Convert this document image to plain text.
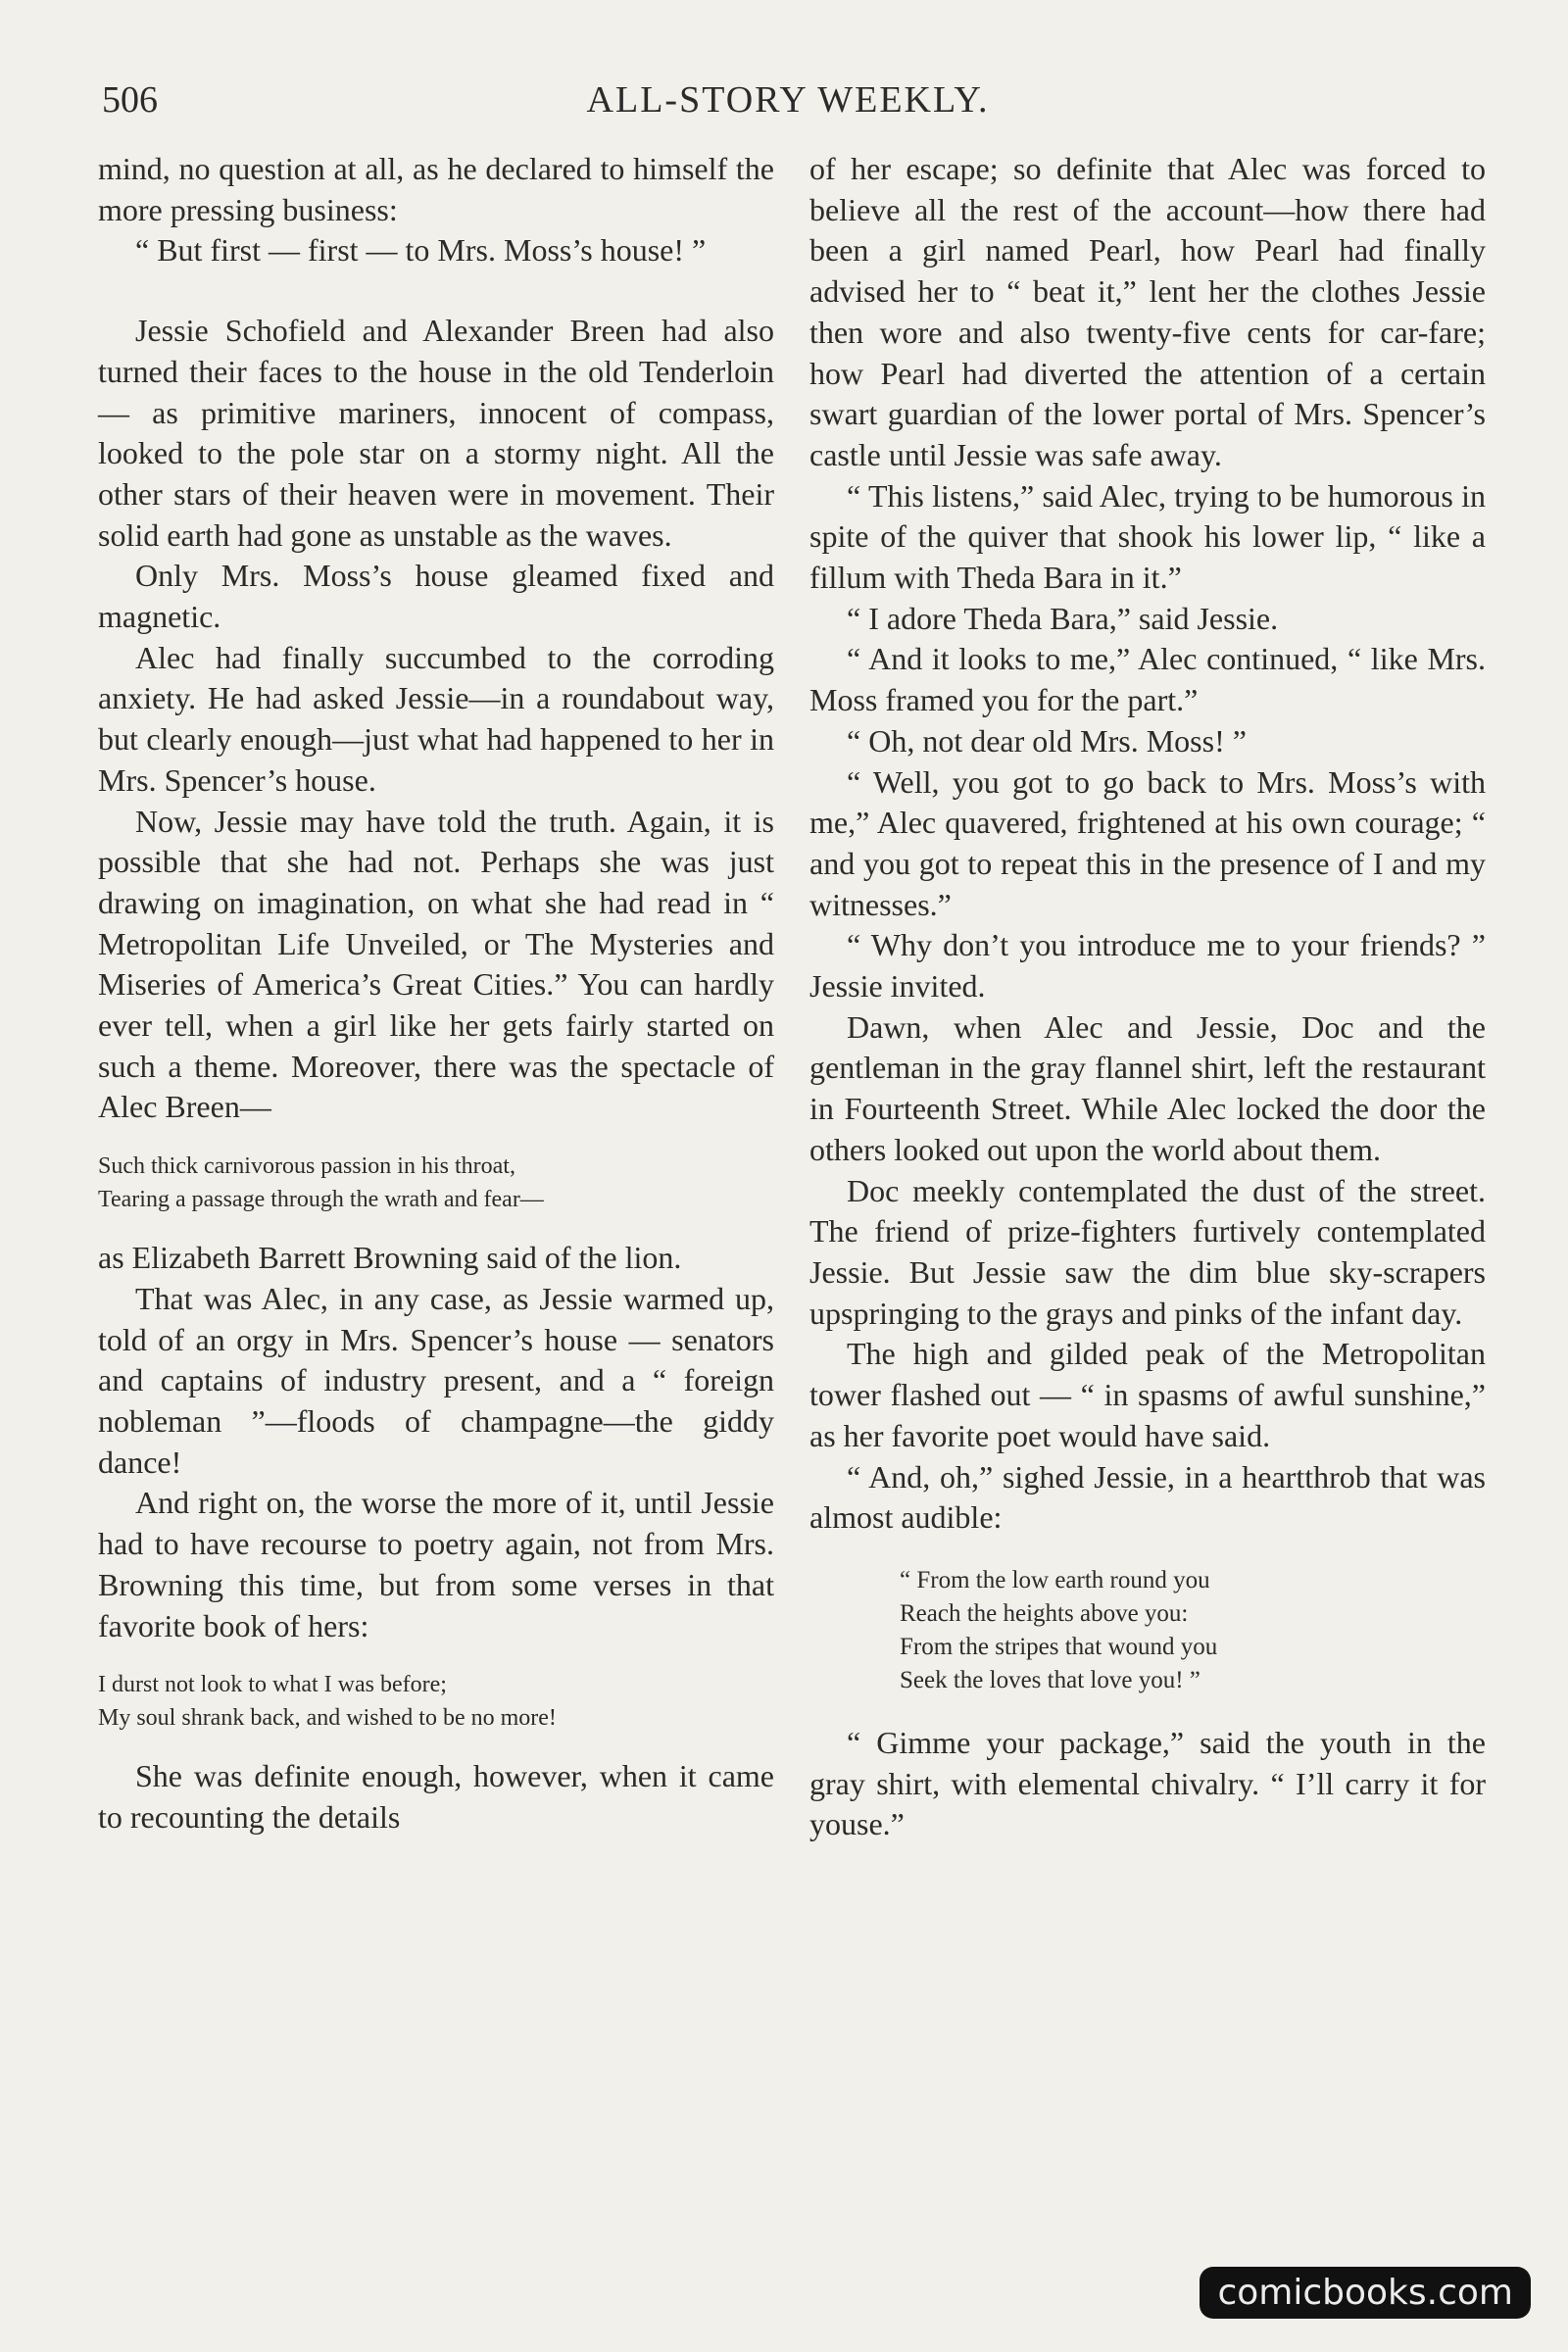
506	ALL-STORY WEEKLY.

mind, no question at all, as he declared to himself the more pressing business:

“ But first — first — to Mrs. Moss’s house! ”

Jessie Schofield and Alexander Breen had also turned their faces to the house in the old Tenderloin — as primitive mariners, innocent of compass, looked to the pole star on a stormy night. All the other stars of their heaven were in movement. Their solid earth had gone as unstable as the waves.

Only Mrs. Moss’s house gleamed fixed and magnetic.

Alec had finally succumbed to the corroding anxiety. He had asked Jessie—in a roundabout way, but clearly enough—just what had happened to her in Mrs. Spencer’s house.

Now, Jessie may have told the truth. Again, it is possible that she had not. Perhaps she was just drawing on imagination, on what she had read in “ Metropolitan Life Unveiled, or The Mysteries and Miseries of America’s Great Cities.” You can hardly ever tell, when a girl like her gets fairly started on such a theme. Moreover, there was the spectacle of Alec Breen—

Such thick carnivorous passion in his throat,
Tearing a passage through the wrath and fear—

as Elizabeth Barrett Browning said of the lion.

That was Alec, in any case, as Jessie warmed up, told of an orgy in Mrs. Spencer’s house — senators and captains of industry present, and a “ foreign nobleman ”—floods of champagne—the giddy dance!

And right on, the worse the more of it, until Jessie had to have recourse to poetry again, not from Mrs. Browning this time, but from some verses in that favorite book of hers:

I durst not look to what I was before;
My soul shrank back, and wished to be no more!

She was definite enough, however, when it came to recounting the details

of her escape; so definite that Alec was forced to believe all the rest of the account—how there had been a girl named Pearl, how Pearl had finally advised her to “ beat it,” lent her the clothes Jessie then wore and also twenty-five cents for car-fare; how Pearl had diverted the attention of a certain swart guardian of the lower portal of Mrs. Spencer’s castle until Jessie was safe away.

“ This listens,” said Alec, trying to be humorous in spite of the quiver that shook his lower lip, “ like a fillum with Theda Bara in it.”

“ I adore Theda Bara,” said Jessie.

“ And it looks to me,” Alec continued, “ like Mrs. Moss framed you for the part.”

“ Oh, not dear old Mrs. Moss! ”

“ Well, you got to go back to Mrs. Moss’s with me,” Alec quavered, frightened at his own courage; “ and you got to repeat this in the presence of I and my witnesses.”

“ Why don’t you introduce me to your friends? ” Jessie invited.

Dawn, when Alec and Jessie, Doc and the gentleman in the gray flannel shirt, left the restaurant in Fourteenth Street. While Alec locked the door the others looked out upon the world about them.

Doc meekly contemplated the dust of the street. The friend of prize-fighters furtively contemplated Jessie. But Jessie saw the dim blue sky-scrapers upspringing to the grays and pinks of the infant day.

The high and gilded peak of the Metropolitan tower flashed out — “ in spasms of awful sunshine,” as her favorite poet would have said.

“ And, oh,” sighed Jessie, in a heartthrob that was almost audible:

“ From the low earth round you
Reach the heights above you:
From the stripes that wound you
Seek the loves that love you! ”

“ Gimme your package,” said the youth in the gray shirt, with elemental chivalry. “ I’ll carry it for youse.”

comicbooks.com
